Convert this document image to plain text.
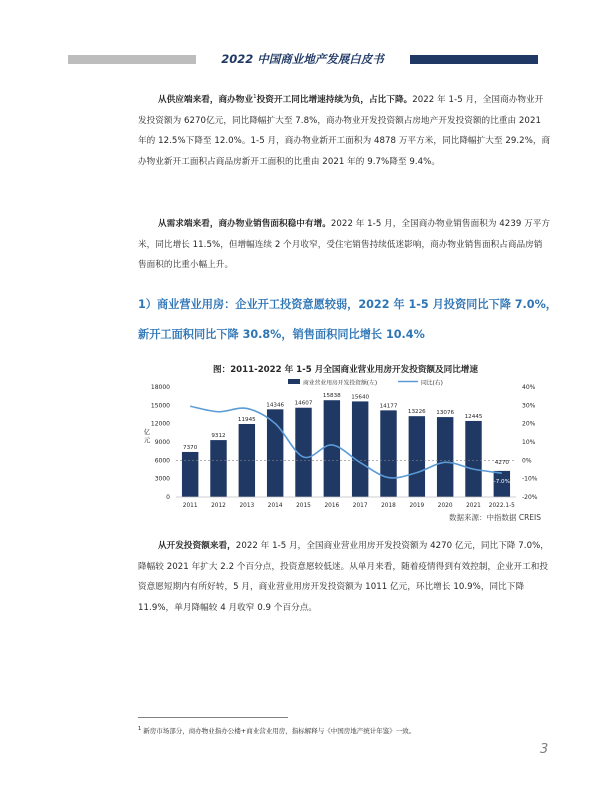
2022 中国商业地产发展白皮书

从供应端来看，商办物业$^1$投资开工同比增速持续为负，占比下降。2022 年 1-5 月，全国商办物业开发投资额为 6270亿元，同比降幅扩大至 7.8%，商办物业开发投资额占房地产开发投资额的比重由 2021 年的 12.5%下降至 12.0%。1-5 月，商办物业新开工面积为 4878 万平方米，同比降幅扩大至 29.2%，商办物业新开工面积占商品房新开工面积的比重由 2021 年的 9.7%降至 9.4%。

从需求端来看，商办物业销售面积稳中有增。2022 年 1-5 月，全国商办物业销售面积为 4239 万平方米，同比增长 11.5%，但增幅连续 2 个月收窄，受住宅销售持续低迷影响，商办物业销售面积占商品房销售面积的比重小幅上升。

1）商业营业用房：企业开工投资意愿较弱，2022 年 1-5 月投资同比下降 7.0%，
新开工面积同比下降 30.8%，销售面积同比增长 10.4%
图：2011-2022 年 1-5 月全国商业营业用房开发投资额及同比增速
商业营业用房开发投资额(左)	同比(右)
18000
15000
12000
9000
6000
3000
0
亿
元
40%
30%
20%
10%
0%
-10%
-20%
7370
9312
11945
14346 14607
15838 15640
14177
13226 13076
12445
4270
-7.0%
2011 2012 2013 2014 2015 2016 2017 2018 2019 2020 2021 2022.1-5
数据来源：中指数据 CREIS

从开发投资额来看，2022 年 1-5 月，全国商业营业用房开发投资额为 4270 亿元，同比下降 7.0%，降幅较 2021 年扩大 2.2 个百分点，投资意愿较低迷。从单月来看，随着疫情得到有效控制，企业开工和投资意愿短期内有所好转，5 月，商业营业用房开发投资额为 1011 亿元，环比增长 10.9%，同比下降 11.9%，单月降幅较 4 月收窄 0.9 个百分点。

$^1$ 新房市场部分，商办物业指办公楼+商业营业用房，指标解释与《中国房地产统计年鉴》一致。
3
